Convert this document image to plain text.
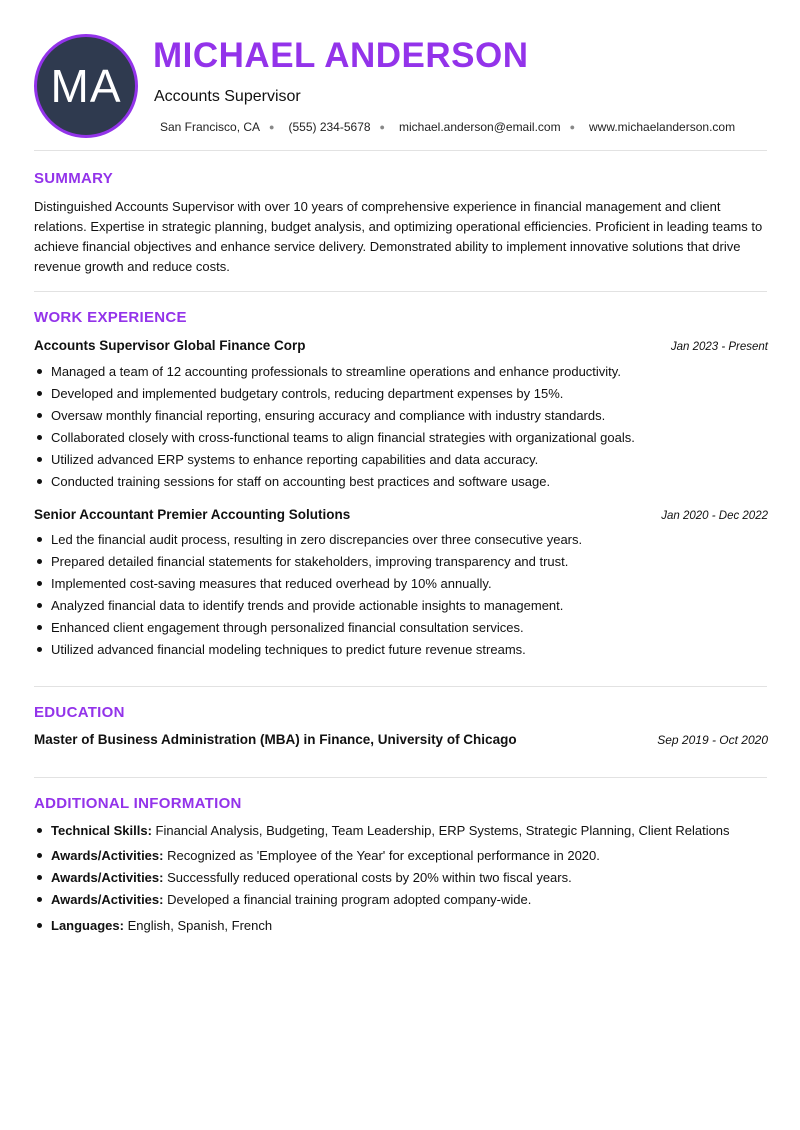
MA
MICHAEL ANDERSON
Accounts Supervisor
San Francisco, CA ● (555) 234-5678 ● michael.anderson@email.com ● www.michaelanderson.com
SUMMARY

Distinguished Accounts Supervisor with over 10 years of comprehensive experience in financial management and client relations. Expertise in strategic planning, budget analysis, and optimizing operational efficiencies. Proficient in leading teams to achieve financial objectives and enhance service delivery. Demonstrated ability to implement innovative solutions that drive revenue growth and reduce costs.

WORK EXPERIENCE
Accounts Supervisor Global Finance Corp	Jan 2023 - Present
Managed a team of 12 accounting professionals to streamline operations and enhance productivity.
Developed and implemented budgetary controls, reducing department expenses by 15%.
Oversaw monthly financial reporting, ensuring accuracy and compliance with industry standards.
Collaborated closely with cross-functional teams to align financial strategies with organizational goals.
Utilized advanced ERP systems to enhance reporting capabilities and data accuracy.
Conducted training sessions for staff on accounting best practices and software usage.
Senior Accountant Premier Accounting Solutions	Jan 2020 - Dec 2022
Led the financial audit process, resulting in zero discrepancies over three consecutive years.
Prepared detailed financial statements for stakeholders, improving transparency and trust.
Implemented cost-saving measures that reduced overhead by 10% annually.
Analyzed financial data to identify trends and provide actionable insights to management.
Enhanced client engagement through personalized financial consultation services.
Utilized advanced financial modeling techniques to predict future revenue streams.
EDUCATION
Master of Business Administration (MBA) in Finance, University of Chicago	Sep 2019 - Oct 2020
ADDITIONAL INFORMATION
Technical Skills: Financial Analysis, Budgeting, Team Leadership, ERP Systems, Strategic Planning, Client Relations
Awards/Activities: Recognized as 'Employee of the Year' for exceptional performance in 2020.
Awards/Activities: Successfully reduced operational costs by 20% within two fiscal years.
Awards/Activities: Developed a financial training program adopted company-wide.
Languages: English, Spanish, French
